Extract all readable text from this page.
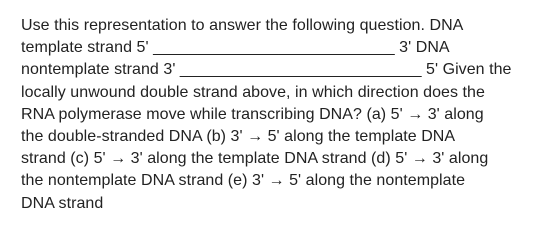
Use this representation to answer the following question. DNA
template strand 5' ___________________________ 3' DNA
nontemplate strand 3' ___________________________ 5' Given the
locally unwound double strand above, in which direction does the
RNA polymerase move while transcribing DNA? (a) 5' → 3' along
the double-stranded DNA (b) 3' → 5' along the template DNA
strand (c) 5' → 3' along the template DNA strand (d) 5' → 3' along
the nontemplate DNA strand (e) 3' → 5' along the nontemplate
DNA strand
